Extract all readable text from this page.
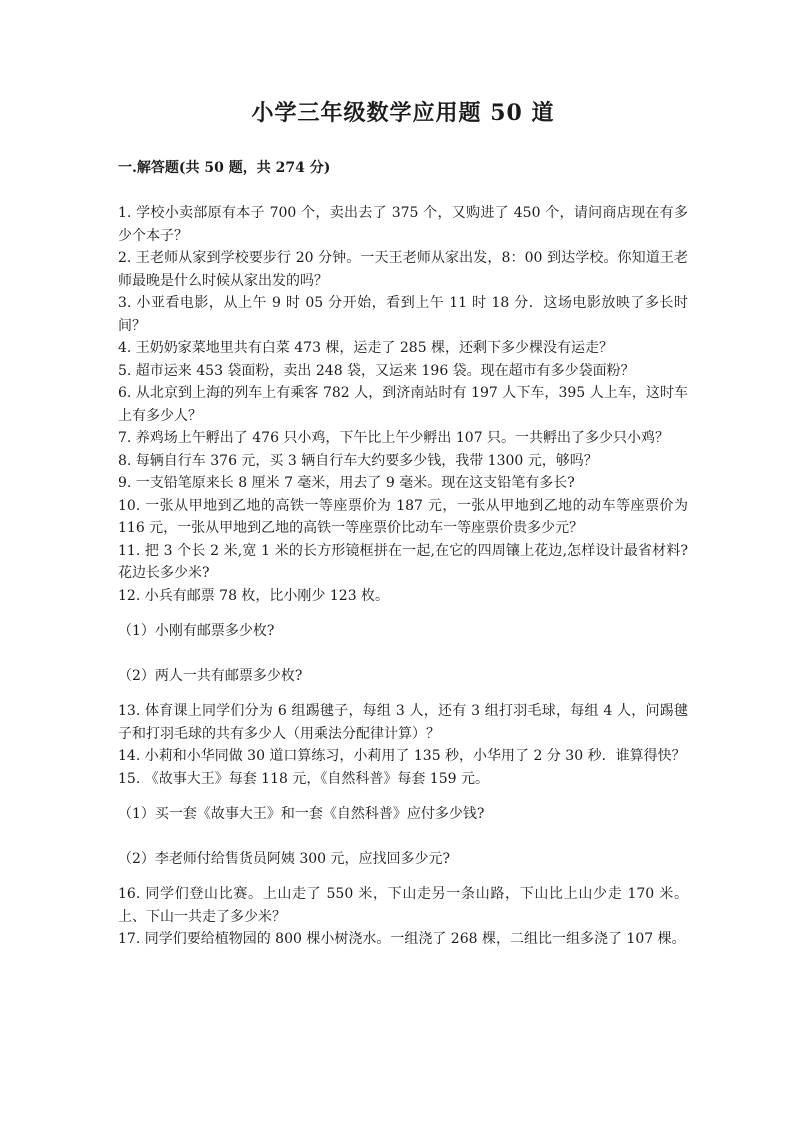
小学三年级数学应用题 50 道
一.解答题(共 50 题，共 274 分)

1. 学校小卖部原有本子 700 个，卖出去了 375 个，又购进了 450 个，请问商店现在有多少个本子？

2. 王老师从家到学校要步行 20 分钟。一天王老师从家出发，8：00 到达学校。你知道王老师最晚是什么时候从家出发的吗？

3. 小亚看电影，从上午 9 时 05 分开始，看到上午 11 时 18 分．这场电影放映了多长时间？

4. 王奶奶家菜地里共有白菜 473 棵，运走了 285 棵，还剩下多少棵没有运走？

5. 超市运来 453 袋面粉，卖出 248 袋，又运来 196 袋。现在超市有多少袋面粉？

6. 从北京到上海的列车上有乘客 782 人，到济南站时有 197 人下车，395 人上车，这时车上有多少人？

7. 养鸡场上午孵出了 476 只小鸡，下午比上午少孵出 107 只。一共孵出了多少只小鸡？

8. 每辆自行车 376 元，买 3 辆自行车大约要多少钱，我带 1300 元，够吗？

9. 一支铅笔原来长 8 厘米 7 毫米，用去了 9 毫米。现在这支铅笔有多长?

10. 一张从甲地到乙地的高铁一等座票价为 187 元，一张从甲地到乙地的动车等座票价为 116 元，一张从甲地到乙地的高铁一等座票价比动车一等座票价贵多少元？

11. 把 3 个长 2 米,宽 1 米的长方形镜框拼在一起,在它的四周镶上花边,怎样设计最省材料?花边长多少米?

12. 小兵有邮票 78 枚，比小刚少 123 枚。

（1）小刚有邮票多少枚?

（2）两人一共有邮票多少枚?

13. 体育课上同学们分为 6 组踢毽子，每组 3 人，还有 3 组打羽毛球，每组 4 人，问踢毽子和打羽毛球的共有多少人（用乘法分配律计算）？

14. 小莉和小华同做 30 道口算练习，小莉用了 135 秒，小华用了 2 分 30 秒．谁算得快？

15. 《故事大王》每套 118 元，《自然科普》每套 159 元。

（1）买一套《故事大王》和一套《自然科普》应付多少钱?

（2）李老师付给售货员阿姨 300 元，应找回多少元?

16. 同学们登山比赛。上山走了 550 米，下山走另一条山路，下山比上山少走 170 米。上、下山一共走了多少米？

17. 同学们要给植物园的 800 棵小树浇水。一组浇了 268 棵，二组比一组多浇了 107 棵。
